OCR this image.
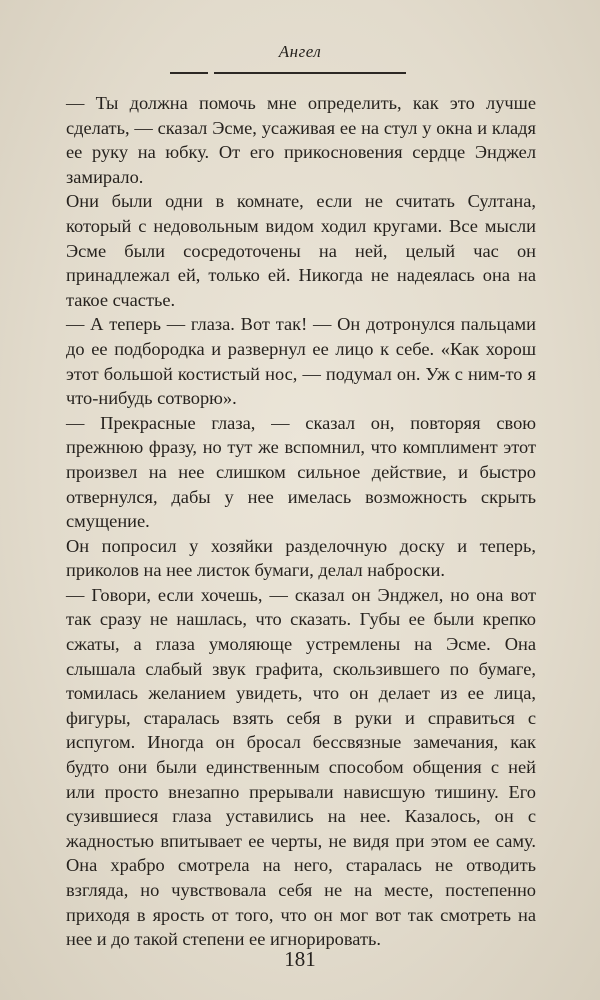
Ангел

— Ты должна помочь мне определить, как это лучше сделать, — сказал Эсме, усаживая ее на стул у окна и кладя ее руку на юбку. От его прикосновения сердце Энджел замирало.

Они были одни в комнате, если не считать Султана, который с недовольным видом ходил кругами. Все мысли Эсме были сосредоточены на ней, целый час он принадлежал ей, только ей. Никогда не надеялась она на такое счастье.

— А теперь — глаза. Вот так! — Он дотронулся пальцами до ее подбородка и развернул ее лицо к себе. «Как хорош этот большой костистый нос, — подумал он. Уж с ним-то я что-нибудь сотворю».

— Прекрасные глаза, — сказал он, повторяя свою прежнюю фразу, но тут же вспомнил, что комплимент этот произвел на нее слишком сильное действие, и быстро отвернулся, дабы у нее имелась возможность скрыть смущение.

Он попросил у хозяйки разделочную доску и теперь, приколов на нее листок бумаги, делал наброски.

— Говори, если хочешь, — сказал он Энджел, но она вот так сразу не нашлась, что сказать. Губы ее были крепко сжаты, а глаза умоляюще устремлены на Эсме. Она слышала слабый звук графита, скользившего по бумаге, томилась желанием увидеть, что он делает из ее лица, фигуры, старалась взять себя в руки и справиться с испугом. Иногда он бросал бессвязные замечания, как будто они были единственным способом общения с ней или просто внезапно прерывали нависшую тишину. Его сузившиеся глаза уставились на нее. Казалось, он с жадностью впитывает ее черты, не видя при этом ее саму. Она храбро смотрела на него, старалась не отводить взгляда, но чувствовала себя не на месте, постепенно приходя в ярость от того, что он мог вот так смотреть на нее и до такой степени ее игнорировать.

181
